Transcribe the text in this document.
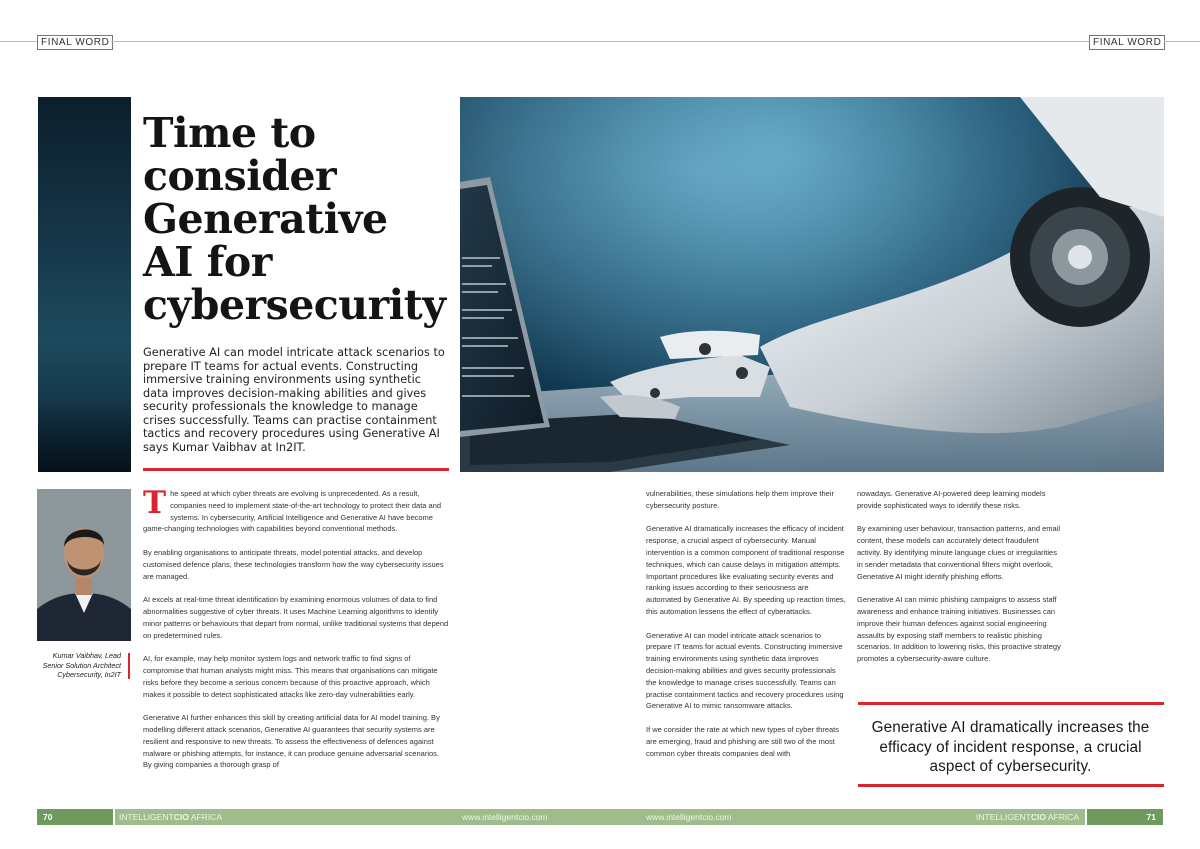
FINAL WORD	FINAL WORD
Time to consider Generative AI for cybersecurity

Generative AI can model intricate attack scenarios to prepare IT teams for actual events. Constructing immersive training environments using synthetic data improves decision-making abilities and gives security professionals the knowledge to manage crises successfully. Teams can practise containment tactics and recovery procedures using Generative AI says Kumar Vaibhav at In2IT.

Kumar Vaibhav, Lead Senior Solution Architect Cybersecurity, In2IT

The speed at which cyber threats are evolving is unprecedented. As a result, companies need to implement state-of-the-art technology to protect their data and systems. In cybersecurity, Artificial Intelligence and Generative AI have become game-changing technologies with capabilities beyond conventional methods.

By enabling organisations to anticipate threats, model potential attacks, and develop customised defence plans, these technologies transform how the way cybersecurity issues are managed.

AI excels at real-time threat identification by examining enormous volumes of data to find abnormalities suggestive of cyber threats. It uses Machine Learning algorithms to identify minor patterns or behaviours that depart from normal, unlike traditional systems that depend on predetermined rules.

AI, for example, may help monitor system logs and network traffic to find signs of compromise that human analysts might miss. This means that organisations can mitigate risks before they become a serious concern because of this proactive approach, which makes it possible to detect sophisticated attacks like zero-day vulnerabilities early.

Generative AI further enhances this skill by creating artificial data for AI model training. By modelling different attack scenarios, Generative AI guarantees that security systems are resilient and responsive to new threats. To assess the effectiveness of defences against malware or phishing attempts, for instance, it can produce genuine adversarial scenarios. By giving companies a thorough grasp of

vulnerabilities, these simulations help them improve their cybersecurity posture.

Generative AI dramatically increases the efficacy of incident response, a crucial aspect of cybersecurity. Manual intervention is a common component of traditional response techniques, which can cause delays in mitigation attempts. Important procedures like evaluating security events and ranking issues according to their seriousness are automated by Generative AI. By speeding up reaction times, this automation lessens the effect of cyberattacks.

Generative AI can model intricate attack scenarios to prepare IT teams for actual events. Constructing immersive training environments using synthetic data improves decision-making abilities and gives security professionals the knowledge to manage crises successfully. Teams can practise containment tactics and recovery procedures using Generative AI to mimic ransomware attacks.

If we consider the rate at which new types of cyber threats are emerging, fraud and phishing are still two of the most common cyber threats companies deal with

nowadays. Generative AI-powered deep learning models provide sophisticated ways to identify these risks.

By examining user behaviour, transaction patterns, and email content, these models can accurately detect fraudulent activity. By identifying minute language clues or irregularities in sender metadata that conventional filters might overlook, Generative AI might identify phishing efforts.

Generative AI can mimic phishing campaigns to assess staff awareness and enhance training initiatives. Businesses can improve their human defences against social engineering assaults by exposing staff members to realistic phishing scenarios. In addition to lowering risks, this proactive strategy promotes a cybersecurity-aware culture.

Generative AI dramatically increases the efficacy of incident response, a crucial aspect of cybersecurity.
70	INTELLIGENTCIO AFRICA	www.intelligentcio.com	www.intelligentcio.com	INTELLIGENTCIO AFRICA	71
